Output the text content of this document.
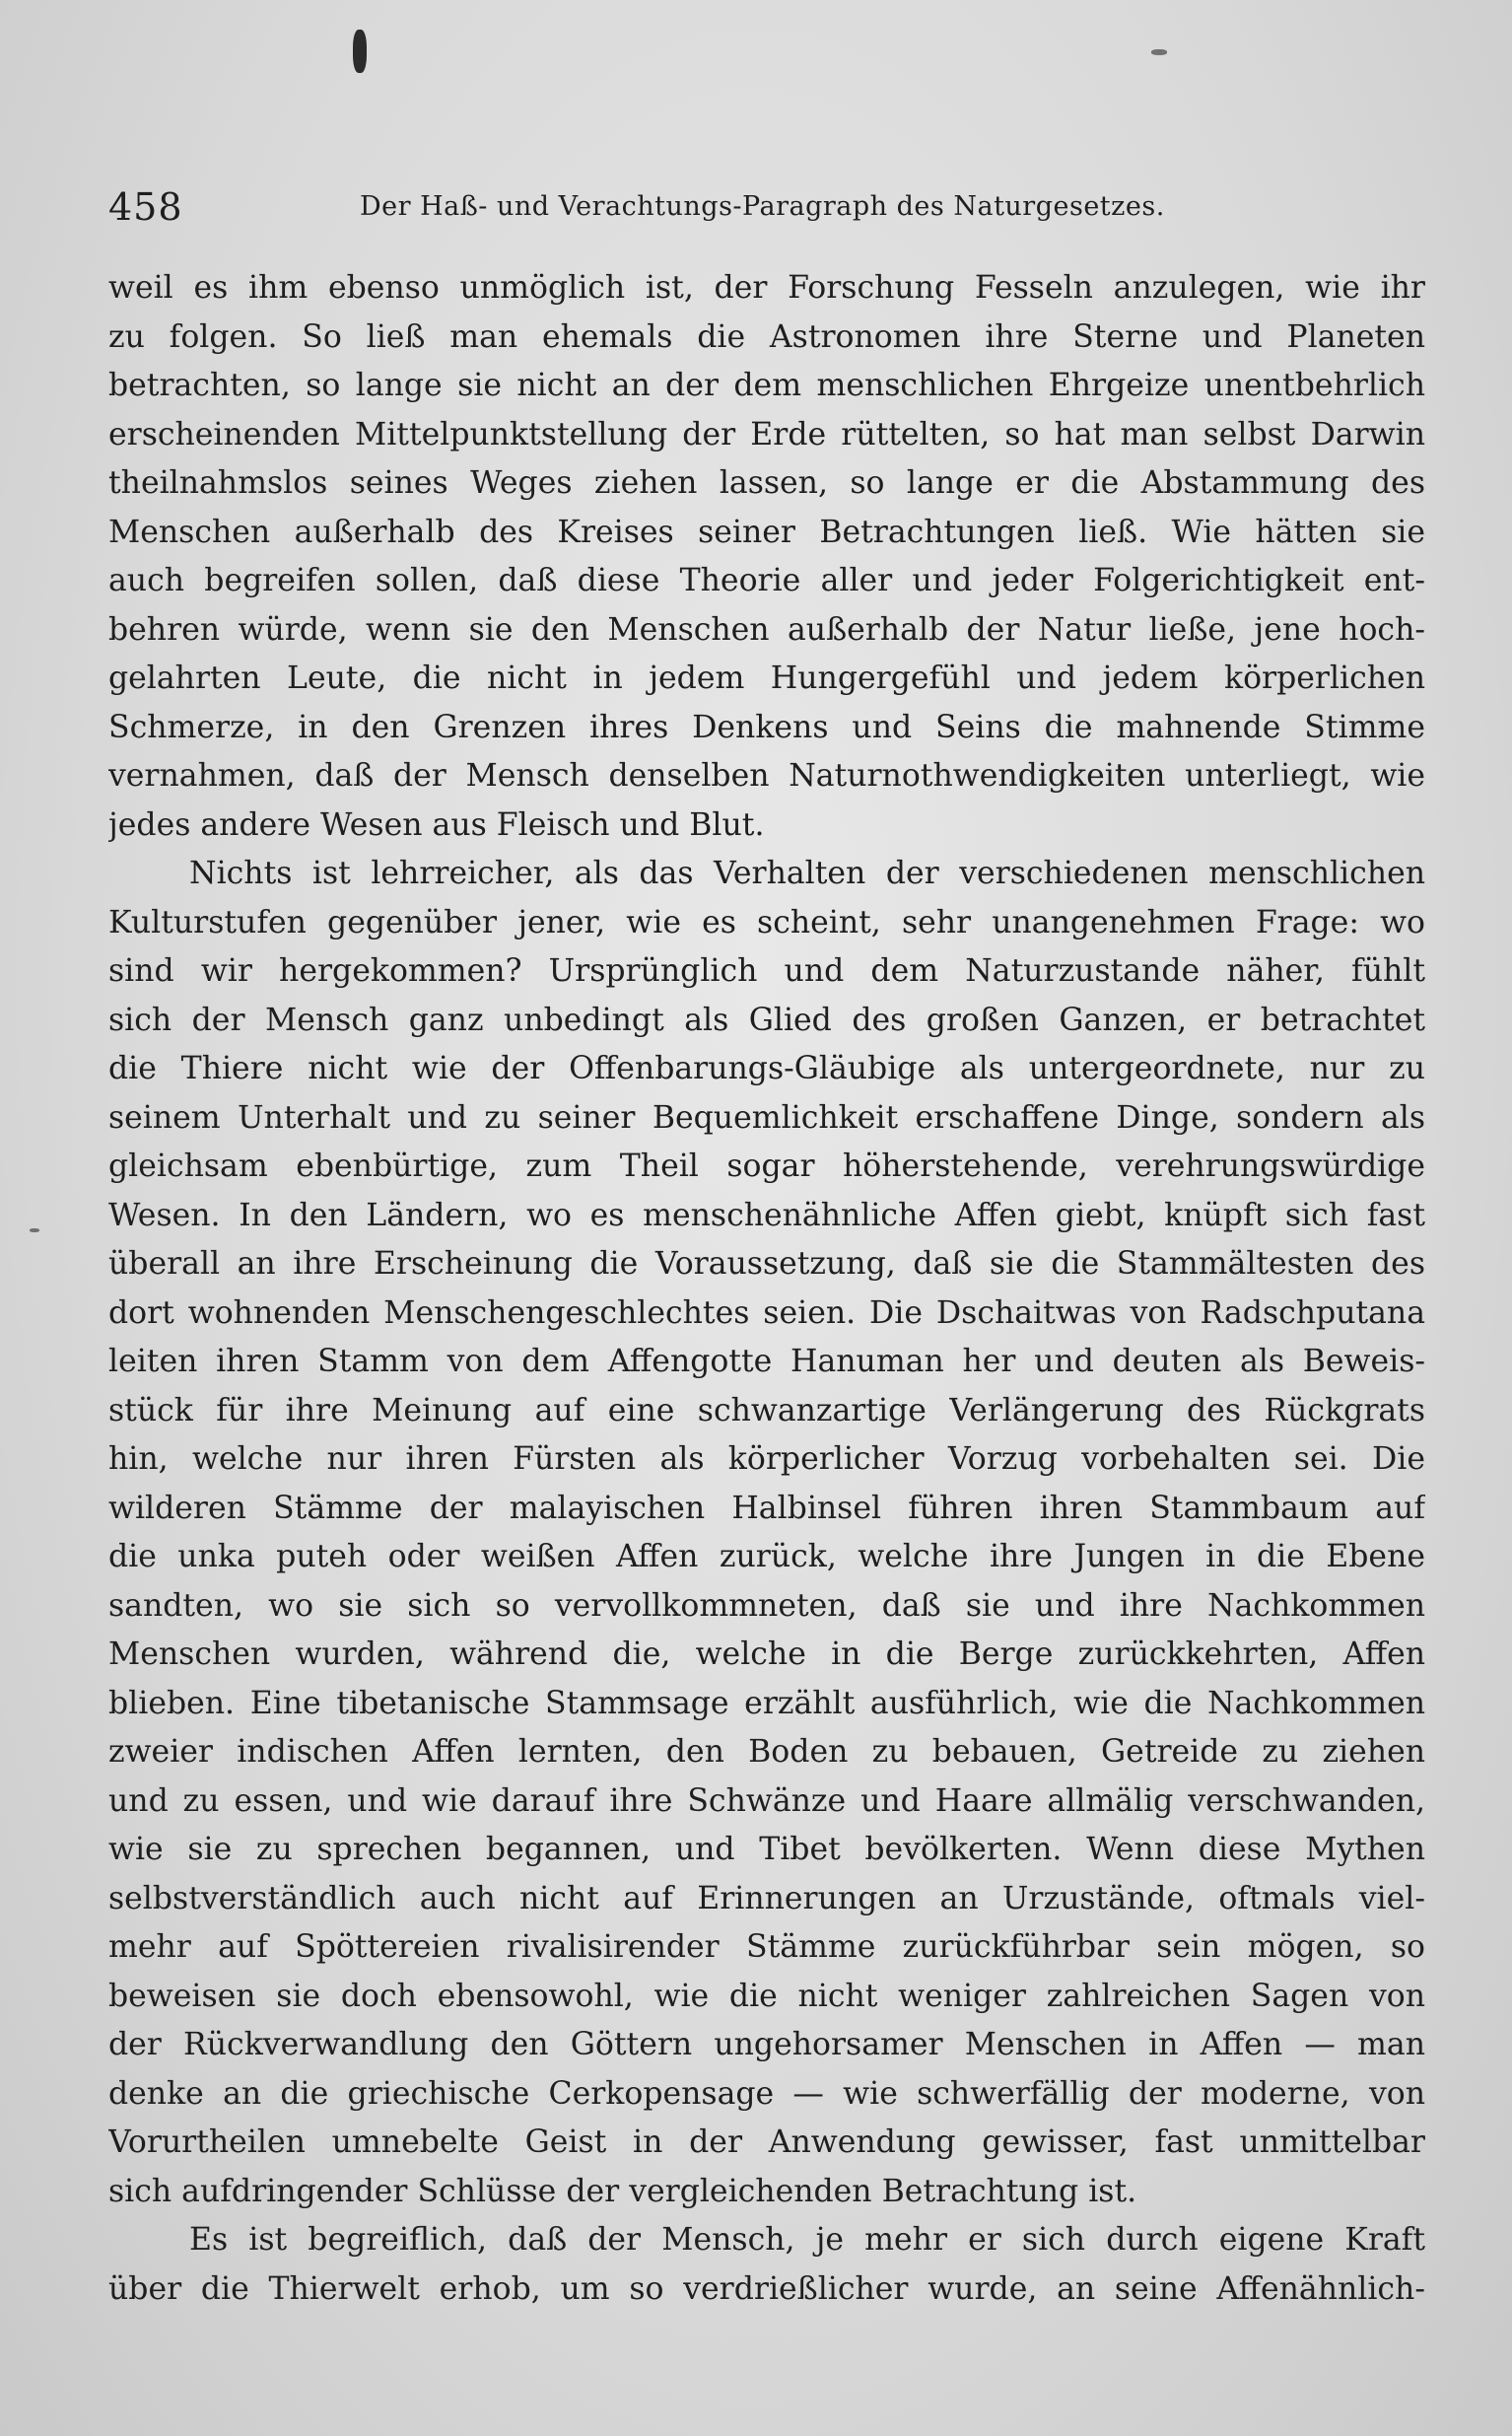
458	Der Haß- und Verachtungs-Paragraph des Naturgesetzes.
weil es ihm ebenso unmöglich ist, der Forschung Fesseln anzulegen, wie ihr
zu folgen. So ließ man ehemals die Astronomen ihre Sterne und Planeten
betrachten, so lange sie nicht an der dem menschlichen Ehrgeize unentbehrlich
erscheinenden Mittelpunktstellung der Erde rüttelten, so hat man selbst Darwin
theilnahmslos seines Weges ziehen lassen, so lange er die Abstammung des
Menschen außerhalb des Kreises seiner Betrachtungen ließ. Wie hätten sie
auch begreifen sollen, daß diese Theorie aller und jeder Folgerichtigkeit ent-
behren würde, wenn sie den Menschen außerhalb der Natur ließe, jene hoch-
gelahrten Leute, die nicht in jedem Hungergefühl und jedem körperlichen
Schmerze, in den Grenzen ihres Denkens und Seins die mahnende Stimme
vernahmen, daß der Mensch denselben Naturnothwendigkeiten unterliegt, wie
jedes andere Wesen aus Fleisch und Blut.
Nichts ist lehrreicher, als das Verhalten der verschiedenen menschlichen
Kulturstufen gegenüber jener, wie es scheint, sehr unangenehmen Frage: wo
sind wir hergekommen? Ursprünglich und dem Naturzustande näher, fühlt
sich der Mensch ganz unbedingt als Glied des großen Ganzen, er betrachtet
die Thiere nicht wie der Offenbarungs-Gläubige als untergeordnete, nur zu
seinem Unterhalt und zu seiner Bequemlichkeit erschaffene Dinge, sondern als
gleichsam ebenbürtige, zum Theil sogar höherstehende, verehrungswürdige
Wesen. In den Ländern, wo es menschenähnliche Affen giebt, knüpft sich fast
überall an ihre Erscheinung die Voraussetzung, daß sie die Stammältesten des
dort wohnenden Menschengeschlechtes seien. Die Dschaitwas von Radschputana
leiten ihren Stamm von dem Affengotte Hanuman her und deuten als Beweis-
stück für ihre Meinung auf eine schwanzartige Verlängerung des Rückgrats
hin, welche nur ihren Fürsten als körperlicher Vorzug vorbehalten sei. Die
wilderen Stämme der malayischen Halbinsel führen ihren Stammbaum auf
die unka puteh oder weißen Affen zurück, welche ihre Jungen in die Ebene
sandten, wo sie sich so vervollkommneten, daß sie und ihre Nachkommen
Menschen wurden, während die, welche in die Berge zurückkehrten, Affen
blieben. Eine tibetanische Stammsage erzählt ausführlich, wie die Nachkommen
zweier indischen Affen lernten, den Boden zu bebauen, Getreide zu ziehen
und zu essen, und wie darauf ihre Schwänze und Haare allmälig verschwanden,
wie sie zu sprechen begannen, und Tibet bevölkerten. Wenn diese Mythen
selbstverständlich auch nicht auf Erinnerungen an Urzustände, oftmals viel-
mehr auf Spöttereien rivalisirender Stämme zurückführbar sein mögen, so
beweisen sie doch ebensowohl, wie die nicht weniger zahlreichen Sagen von
der Rückverwandlung den Göttern ungehorsamer Menschen in Affen — man
denke an die griechische Cerkopensage — wie schwerfällig der moderne, von
Vorurtheilen umnebelte Geist in der Anwendung gewisser, fast unmittelbar
sich aufdringender Schlüsse der vergleichenden Betrachtung ist.
Es ist begreiflich, daß der Mensch, je mehr er sich durch eigene Kraft
über die Thierwelt erhob, um so verdrießlicher wurde, an seine Affenähnlich-
